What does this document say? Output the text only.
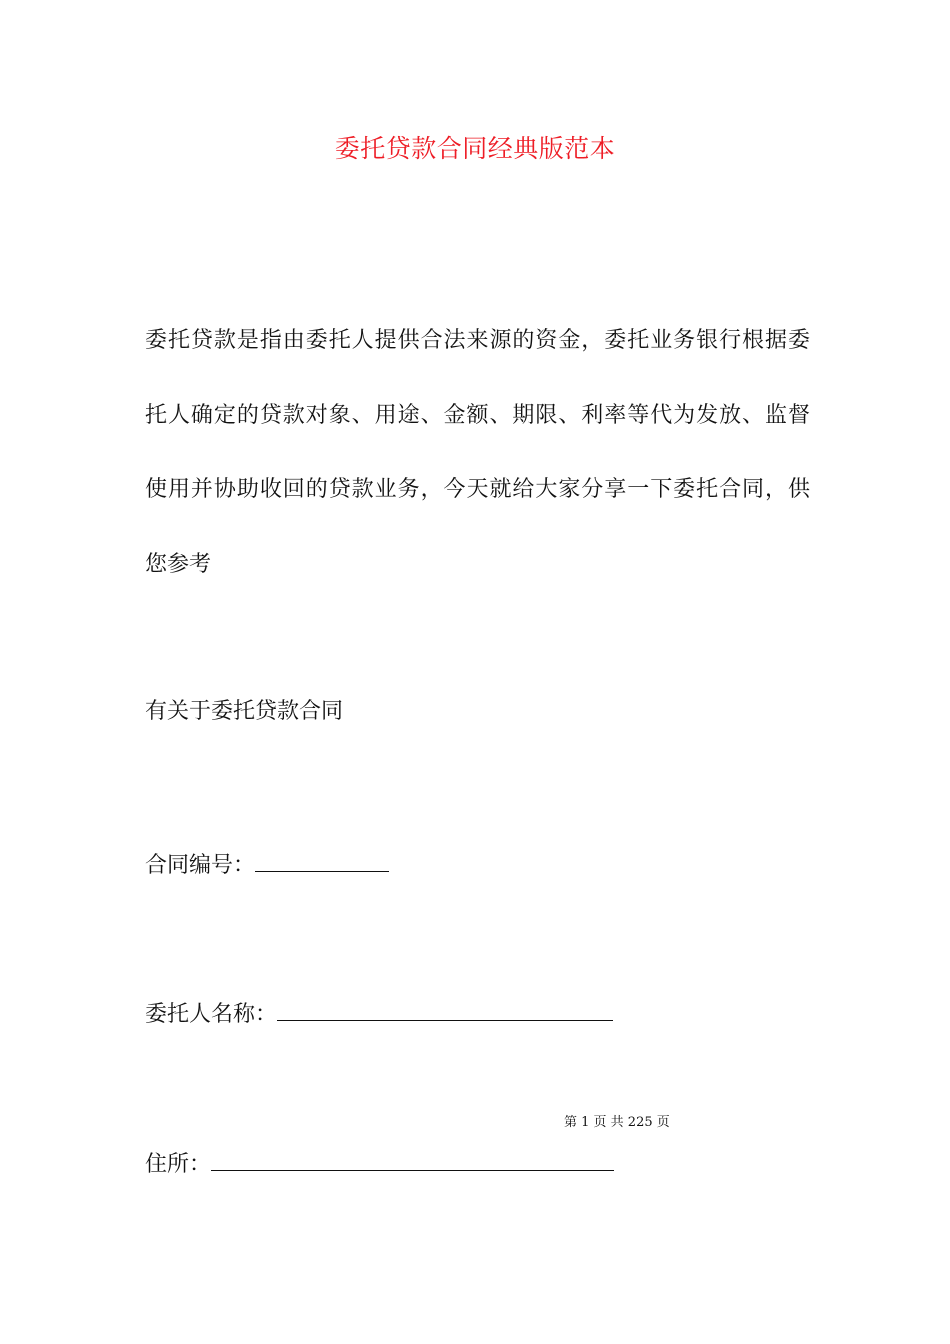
委托贷款合同经典版范本
委托贷款是指由委托人提供合法来源的资金，委托业务银行根据委
托人确定的贷款对象、用途、金额、期限、利率等代为发放、监督
使用并协助收回的贷款业务，今天就给大家分享一下委托合同，供
您参考
有关于委托贷款合同
合同编号：
委托人名称：
第 1 页 共 225 页
住所：
